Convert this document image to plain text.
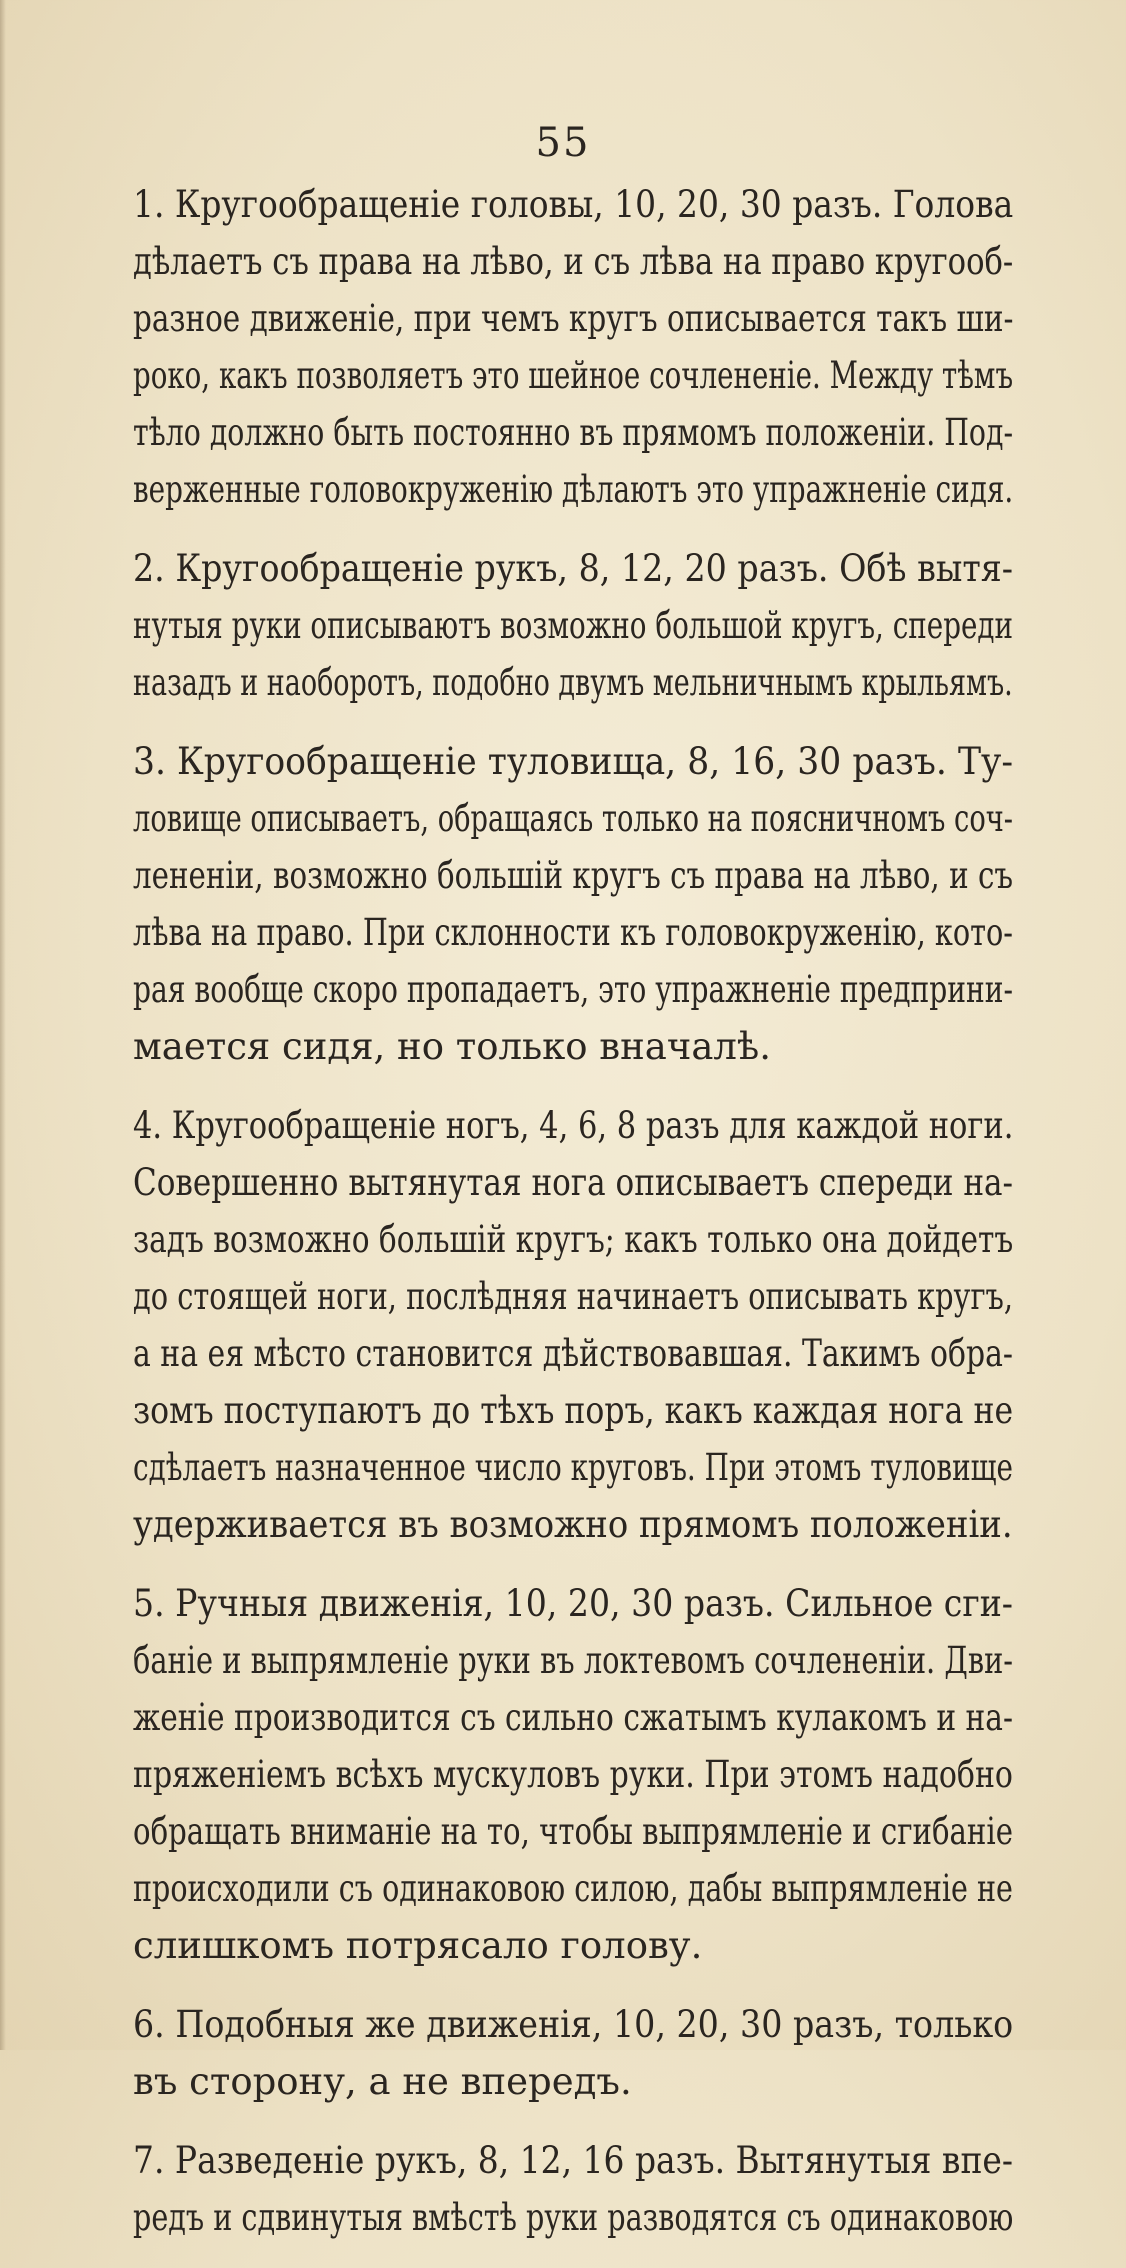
55
1. Кругообращеніе головы, 10, 20, 30 разъ. Голова
дѣлаетъ съ права на лѣво, и съ лѣва на право кругооб-
разное движеніе, при чемъ кругъ описывается такъ ши-
роко, какъ позволяетъ это шейное сочлененіе. Между тѣмъ
тѣло должно быть постоянно въ прямомъ положеніи. Под-
верженные головокруженію дѣлаютъ это упражненіе сидя.
2. Кругообращеніе рукъ, 8, 12, 20 разъ. Обѣ вытя-
нутыя руки описываютъ возможно большой кругъ, спереди
назадъ и наоборотъ, подобно двумъ мельничнымъ крыльямъ.
3. Кругообращеніе туловища, 8, 16, 30 разъ. Ту-
ловище описываетъ, обращаясь только на поясничномъ соч-
лененіи, возможно большій кругъ съ права на лѣво, и съ
лѣва на право. При склонности къ головокруженію, кото-
рая вообще скоро пропадаетъ, это упражненіе предприни-
мается сидя, но только вначалѣ.
4. Кругообращеніе ногъ, 4, 6, 8 разъ для каждой ноги.
Совершенно вытянутая нога описываетъ спереди на-
задъ возможно большій кругъ; какъ только она дойдетъ
до стоящей ноги, послѣдняя начинаетъ описывать кругъ,
а на ея мѣсто становится дѣйствовавшая. Такимъ обра-
зомъ поступаютъ до тѣхъ поръ, какъ каждая нога не
сдѣлаетъ назначенное число круговъ. При этомъ туловище
удерживается въ возможно прямомъ положеніи.
5. Ручныя движенія, 10, 20, 30 разъ. Сильное сги-
баніе и выпрямленіе руки въ локтевомъ сочлененіи. Дви-
женіе производится съ сильно сжатымъ кулакомъ и на-
пряженіемъ всѣхъ мускуловъ руки. При этомъ надобно
обращать вниманіе на то, чтобы выпрямленіе и сгибаніе
происходили съ одинаковою силою, дабы выпрямленіе не
слишкомъ потрясало голову.
6. Подобныя же движенія, 10, 20, 30 разъ, только
въ сторону, а не впередъ.
7. Разведеніе рукъ, 8, 12, 16 разъ. Вытянутыя впе-
редъ и сдвинутыя вмѣстѣ руки разводятся съ одинаковою
